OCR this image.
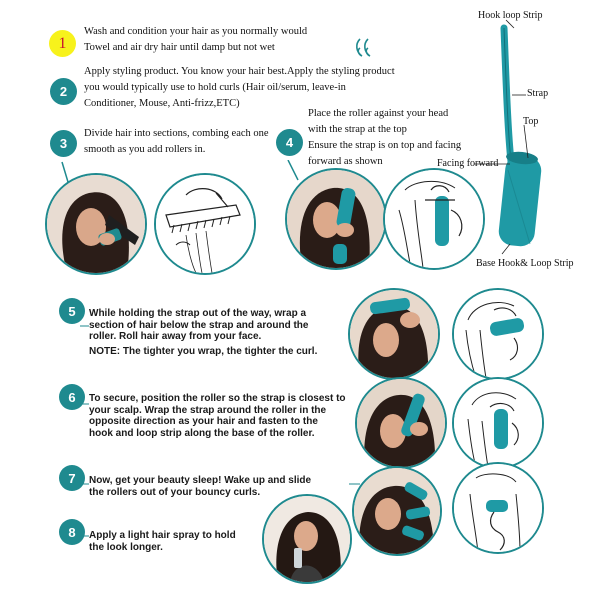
1
Wash and condition your hair as you normally would
Towel and air dry hair until damp but not wet
2
Apply styling product. You know your hair best.Apply the styling product
you would typically use to hold curls (Hair oil/serum, leave-in
Conditioner, Mouse, Anti-frizz,ETC)
3
Divide hair into sections, combing each one
smooth as you add rollers in.	4
Place the roller against your head
with the strap at the top
Ensure the strap is on top and facing
forward as shown
Hook loop Strip
Strap
Top
Facing forward
Base Hook& Loop Strip
5 While holding the strap out of the way, wrap a
section of hair below the strap and around the
roller. Roll hair away from your face.
NOTE: The tighter you wrap, the tighter the curl.
6 To secure, position the roller so the strap is closest to
your scalp. Wrap the strap around the roller in the
opposite direction as your hair and fasten to the
hook and loop strip along the base of the roller.
7 Now, get your beauty sleep! Wake up and slide
the rollers out of your bouncy curls.
8 Apply a light hair spray to hold
the look longer.
